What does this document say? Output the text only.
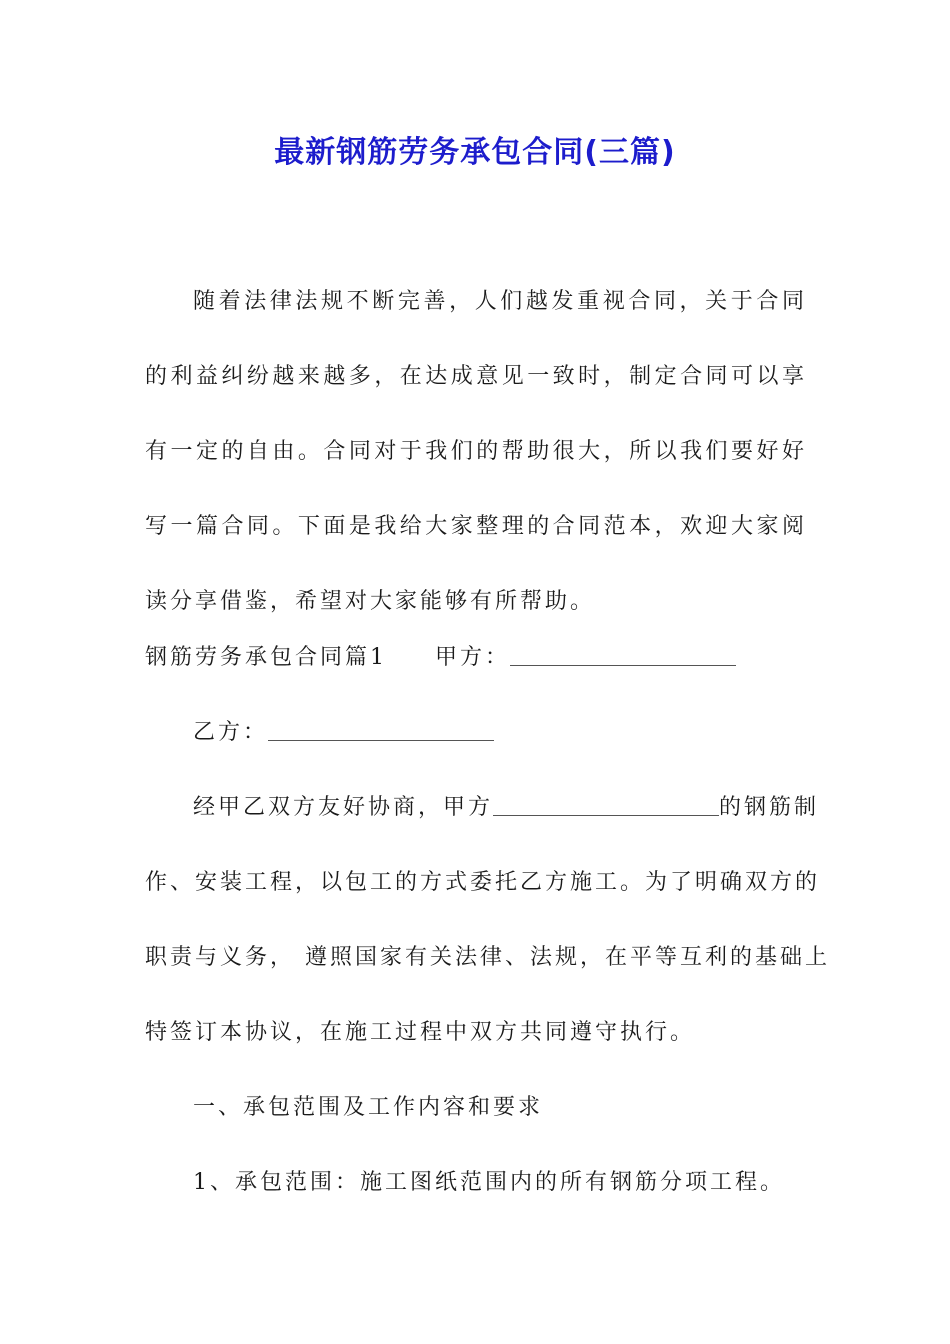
最新钢筋劳务承包合同(三篇)

随着法律法规不断完善，人们越发重视合同，关于合同的利益纠纷越来越多，在达成意见一致时，制定合同可以享有一定的自由。合同对于我们的帮助很大，所以我们要好好写一篇合同。下面是我给大家整理的合同范本，欢迎大家阅读分享借鉴，希望对大家能够有所帮助。

钢筋劳务承包合同篇1 甲方：
乙方：
经甲乙双方友好协商，甲方	的钢筋制
作、安装工程，以包工的方式委托乙方施工。为了明确双方的
职责与义务， 遵照国家有关法律、法规，在平等互利的基础上
特签订本协议，在施工过程中双方共同遵守执行。
一、承包范围及工作内容和要求
1、承包范围：施工图纸范围内的所有钢筋分项工程。
